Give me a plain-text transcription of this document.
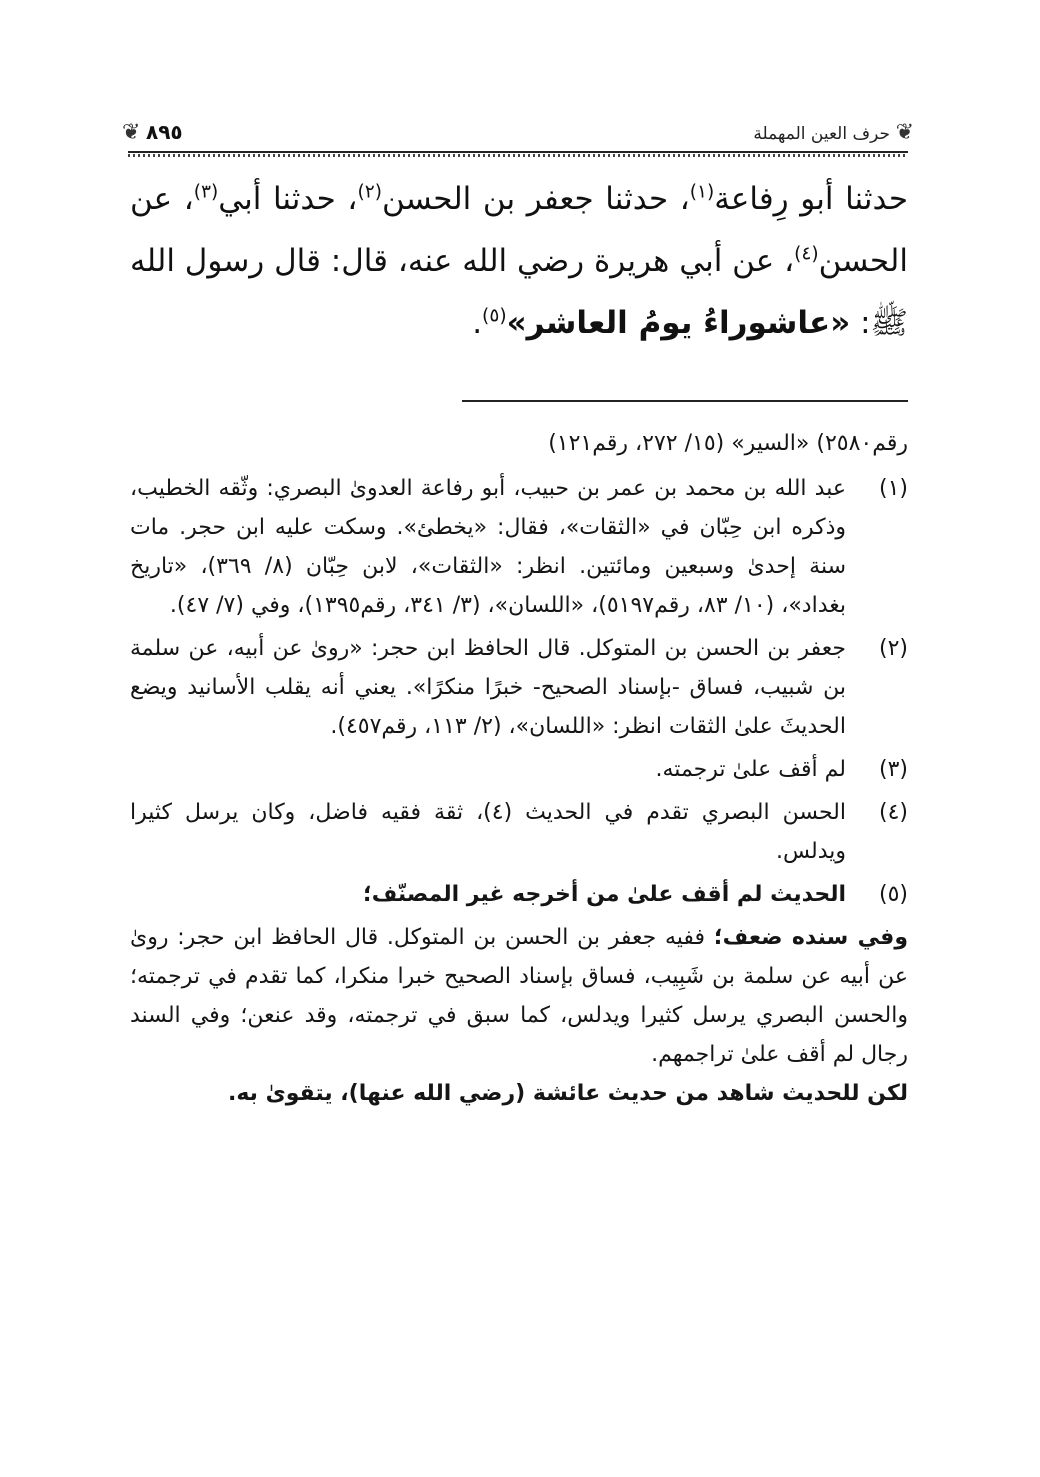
❦
حرف العين المهملة
٨٩٥
❦

حدثنا أبو رِفاعة$^{(١)}$، حدثنا جعفر بن الحسن$^{(٢)}$، حدثنا أبي$^{(٣)}$، عن الحسن$^{(٤)}$، عن أبي هريرة رضي الله عنه، قال: قال رسول الله ﷺ: «عاشوراءُ يومُ العاشر»$^{(٥)}$.

رقم٢٥٨٠) «السير» (١٥/ ٢٧٢، رقم١٢١)

(١)
عبد الله بن محمد بن عمر بن حبيب، أبو رفاعة العدوىٰ البصري: وثّقه الخطيب، وذكره ابن حِبّان في «الثقات»، فقال: «يخطئ». وسكت عليه ابن حجر. مات سنة إحدىٰ وسبعين ومائتين. انظر: «الثقات»، لابن حِبّان (٨/ ٣٦٩)، «تاريخ بغداد»، (١٠/ ٨٣، رقم٥١٩٧)، «اللسان»، (٣/ ٣٤١، رقم١٣٩٥)، وفي (٧/ ٤٧).
(٢)
جعفر بن الحسن بن المتوكل. قال الحافظ ابن حجر: «روىٰ عن أبيه، عن سلمة بن شبيب، فساق -بإسناد الصحيح- خبرًا منكرًا». يعني أنه يقلب الأسانيد ويضع الحديثَ علىٰ الثقات انظر: «اللسان»، (٢/ ١١٣، رقم٤٥٧).
(٣)
لم أقف علىٰ ترجمته.
(٤)
الحسن البصري تقدم في الحديث (٤)، ثقة فقيه فاضل، وكان يرسل كثيرا ويدلس.
(٥)
الحديث لم أقف علىٰ من أخرجه غير المصنّف؛

وفي سنده ضعف؛ ففيه جعفر بن الحسن بن المتوكل. قال الحافظ ابن حجر: روىٰ عن أبيه عن سلمة بن شَبِيب، فساق بإسناد الصحيح خبرا منكرا، كما تقدم في ترجمته؛ والحسن البصري يرسل كثيرا ويدلس، كما سبق في ترجمته، وقد عنعن؛ وفي السند رجال لم أقف علىٰ تراجمهم.

لكن للحديث شاهد من حديث عائشة (رضي الله عنها)، يتقوىٰ به.
